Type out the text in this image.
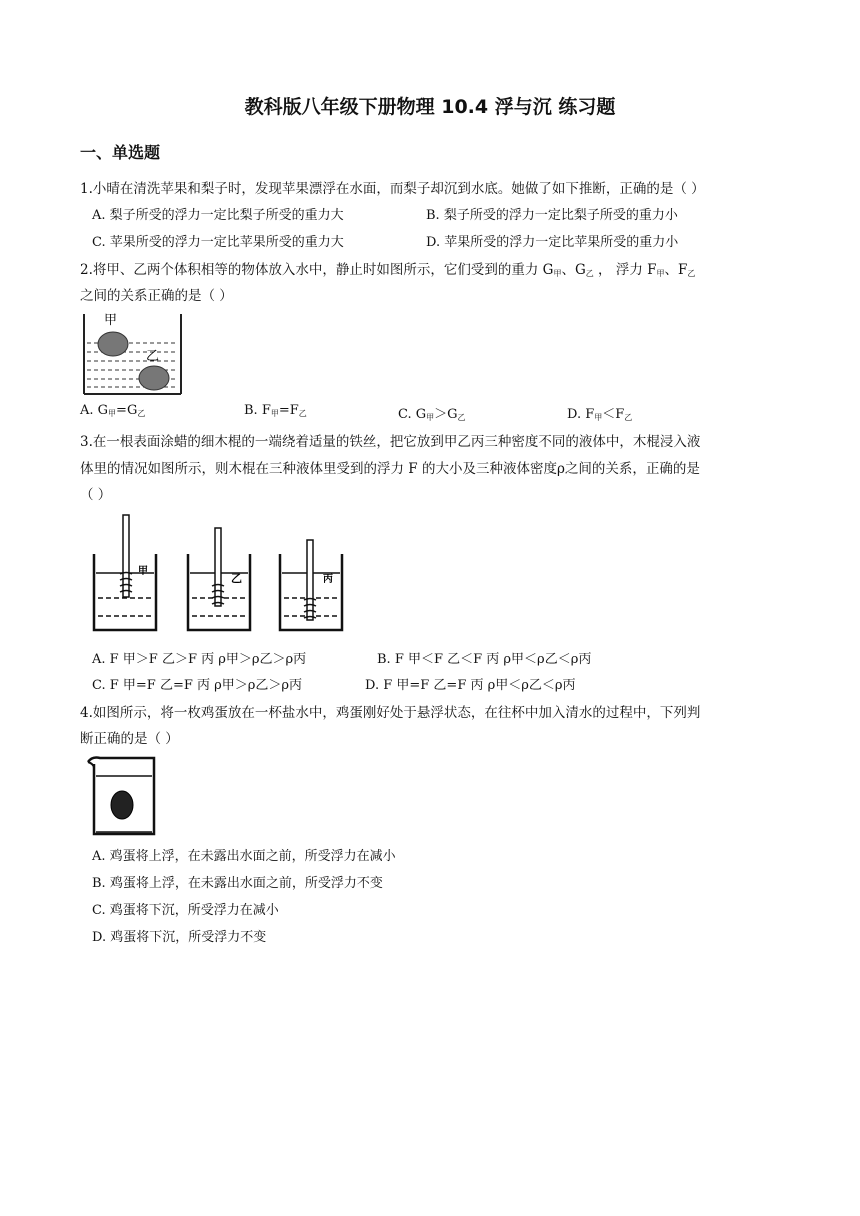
教科版八年级下册物理 10.4 浮与沉 练习题
一、单选题
1.小晴在清洗苹果和梨子时，发现苹果漂浮在水面，而梨子却沉到水底。她做了如下推断，正确的是（ ）
A. 梨子所受的浮力一定比梨子所受的重力大	B. 梨子所受的浮力一定比梨子所受的重力小
C. 苹果所受的浮力一定比苹果所受的重力大	D. 苹果所受的浮力一定比苹果所受的重力小
2.将甲、乙两个体积相等的物体放入水中，静止时如图所示，它们受到的重力 $G_甲$、$G_乙$ ， 浮力 $F_甲$、$F_乙$
之间的关系正确的是（ ）
甲
乙
A. $G_甲=G_乙$	B. $F_甲=F_乙$	C. $G_甲>G_乙$	D. $F_甲<F_乙$
3.在一根表面涂蜡的细木棍的一端绕着适量的铁丝，把它放到甲乙丙三种密度不同的液体中，木棍浸入液
体里的情况如图所示，则木棍在三种液体里受到的浮力 F 的大小及三种液体密度ρ之间的关系，正确的是
（ ）
甲
乙	丙
A. F 甲＞F 乙＞F 丙 ρ甲＞ρ乙＞ρ丙	B. F 甲＜F 乙＜F 丙 ρ甲＜ρ乙＜ρ丙
C. F 甲=F 乙=F 丙 ρ甲＞ρ乙＞ρ丙	D. F 甲=F 乙=F 丙 ρ甲＜ρ乙＜ρ丙
4.如图所示，将一枚鸡蛋放在一杯盐水中，鸡蛋刚好处于悬浮状态，在往杯中加入清水的过程中，下列判
断正确的是（ ）
A. 鸡蛋将上浮，在未露出水面之前，所受浮力在减小
B. 鸡蛋将上浮，在未露出水面之前，所受浮力不变
C. 鸡蛋将下沉，所受浮力在减小
D. 鸡蛋将下沉，所受浮力不变
